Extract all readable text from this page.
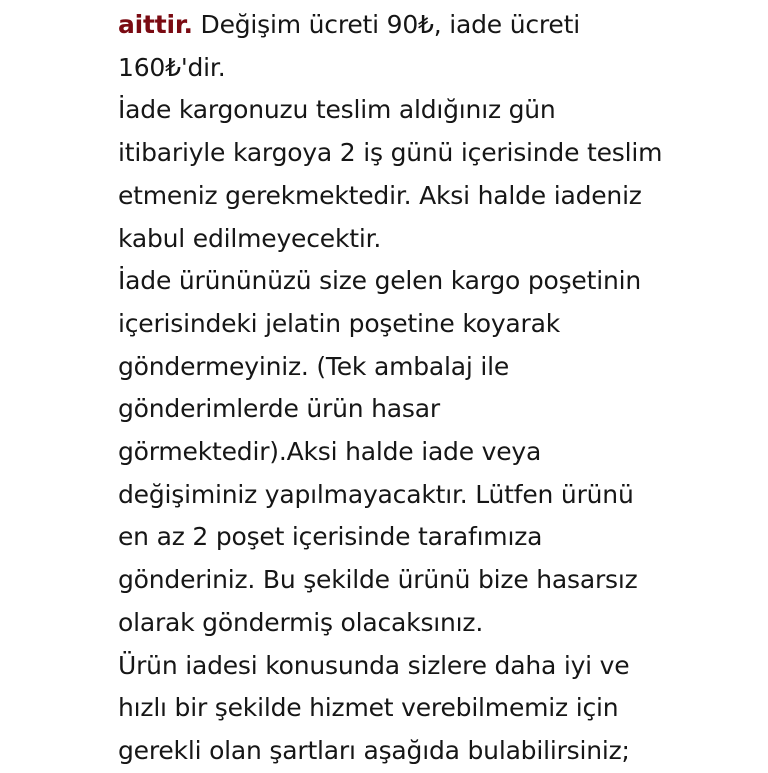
aittir. Değişim ücreti 90₺, iade ücreti
160₺'dir.
İade kargonuzu teslim aldığınız gün
itibariyle kargoya 2 iş günü içerisinde teslim
etmeniz gerekmektedir. Aksi halde iadeniz
kabul edilmeyecektir.
İade ürününüzü size gelen kargo poşetinin
içerisindeki jelatin poşetine koyarak
göndermeyiniz. (Tek ambalaj ile
gönderimlerde ürün hasar
görmektedir).Aksi halde iade veya
değişiminiz yapılmayacaktır. Lütfen ürünü
en az 2 poşet içerisinde tarafımıza
gönderiniz. Bu şekilde ürünü bize hasarsız
olarak göndermiş olacaksınız.
Ürün iadesi konusunda sizlere daha iyi ve
hızlı bir şekilde hizmet verebilmemiz için
gerekli olan şartları aşağıda bulabilirsiniz;
